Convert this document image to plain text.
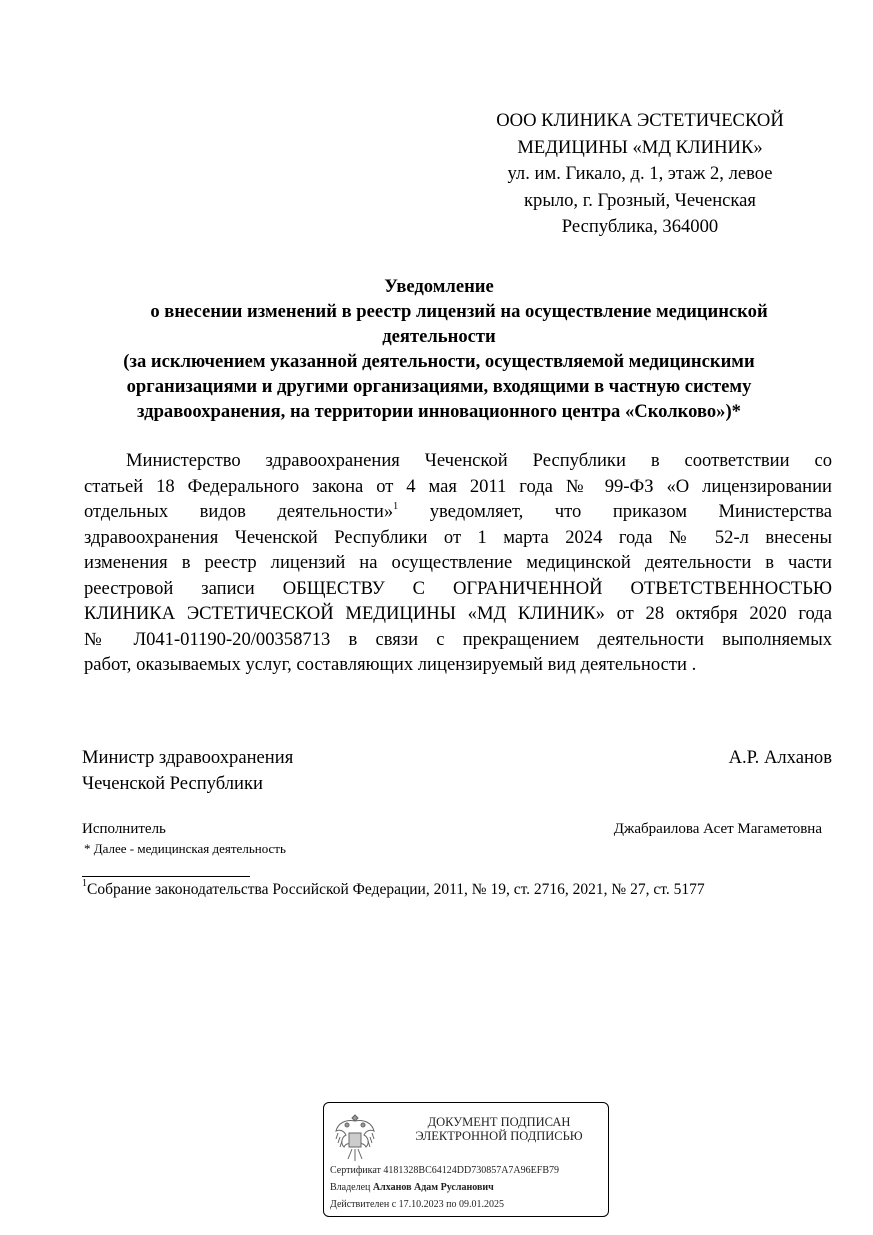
ООО КЛИНИКА ЭСТЕТИЧЕСКОЙ
МЕДИЦИНЫ «МД КЛИНИК»
ул. им. Гикало, д. 1, этаж 2, левое
крыло, г. Грозный, Чеченская
Республика, 364000
Уведомление
о внесении изменений в реестр лицензий на осуществление медицинской
деятельности
(за исключением указанной деятельности, осуществляемой медицинскими
организациями и другими организациями, входящими в частную систему
здравоохранения, на территории инновационного центра «Сколково»)*
Министерство здравоохранения Чеченской Республики в соответствии со
статьей 18 Федерального закона от 4 мая 2011 года № 99-ФЗ «О лицензировании
отдельных видов деятельности»$^1$ уведомляет, что приказом Министерства
здравоохранения Чеченской Республики от 1 марта 2024 года № 52-л внесены
изменения в реестр лицензий на осуществление медицинской деятельности в части
реестровой записи ОБЩЕСТВУ С ОГРАНИЧЕННОЙ ОТВЕТСТВЕННОСТЬЮ
КЛИНИКА ЭСТЕТИЧЕСКОЙ МЕДИЦИНЫ «МД КЛИНИК» от 28 октября 2020 года
№ Л041-01190-20/00358713 в связи с прекращением деятельности выполняемых
работ, оказываемых услуг, составляющих лицензируемый вид деятельности .
Министр здравоохранения
Чеченской Республики
А.Р. Алханов
Исполнитель	Джабраилова Асет Магаметовна
* Далее - медицинская деятельность
$^1$Собрание законодательства Российской Федерации, 2011, № 19, ст. 2716, 2021, № 27, ст. 5177
ДОКУМЕНТ ПОДПИСАН
ЭЛЕКТРОННОЙ ПОДПИСЬЮ
Сертификат 4181328BC64124DD730857A7A96EFB79
Владелец Алханов Адам Русланович
Действителен с 17.10.2023 по 09.01.2025
